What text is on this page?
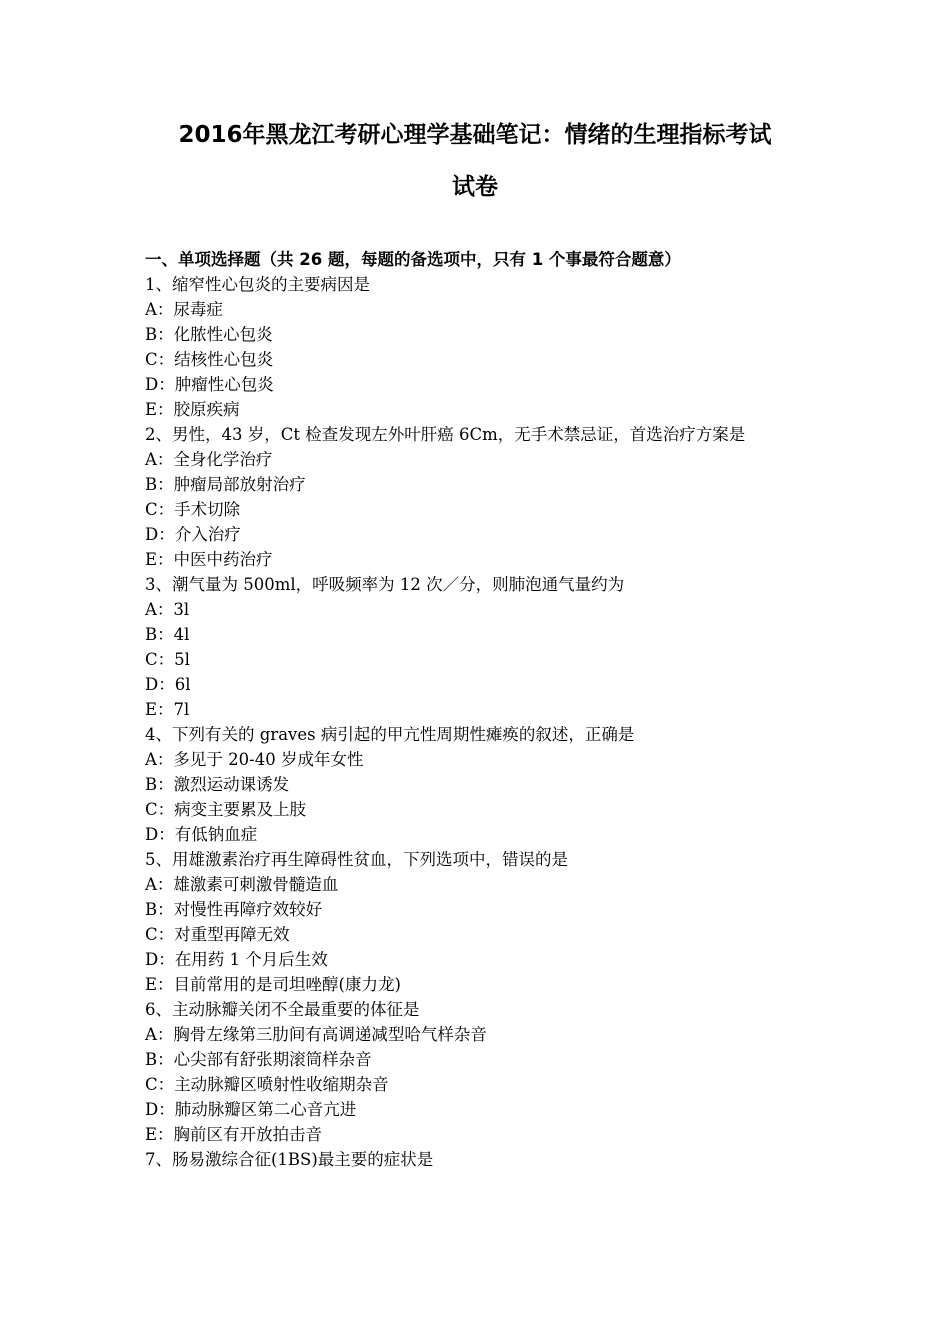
2016年黑龙江考研心理学基础笔记：情绪的生理指标考试
试卷
一、单项选择题（共 26 题，每题的备选项中，只有 1 个事最符合题意）
1、缩窄性心包炎的主要病因是
A：尿毒症
B：化脓性心包炎
C：结核性心包炎
D：肿瘤性心包炎
E：胶原疾病
2、男性，43 岁，Ct 检查发现左外叶肝癌 6Cm，无手术禁忌证，首选治疗方案是
A：全身化学治疗
B：肿瘤局部放射治疗
C：手术切除
D：介入治疗
E：中医中药治疗
3、潮气量为 500ml，呼吸频率为 12 次／分，则肺泡通气量约为
A：3l
B：4l
C：5l
D：6l
E：7l
4、下列有关的 graves 病引起的甲亢性周期性瘫痪的叙述，正确是
A：多见于 20-40 岁成年女性
B：激烈运动课诱发
C：病变主要累及上肢
D：有低钠血症
5、用雄激素治疗再生障碍性贫血，下列选项中，错误的是
A：雄激素可刺激骨髓造血
B：对慢性再障疗效较好
C：对重型再障无效
D：在用药 1 个月后生效
E：目前常用的是司坦唑醇(康力龙)
6、主动脉瓣关闭不全最重要的体征是
A：胸骨左缘第三肋间有高调递减型哈气样杂音
B：心尖部有舒张期滚筒样杂音
C：主动脉瓣区喷射性收缩期杂音
D：肺动脉瓣区第二心音亢进
E：胸前区有开放拍击音
7、肠易激综合征(1BS)最主要的症状是
